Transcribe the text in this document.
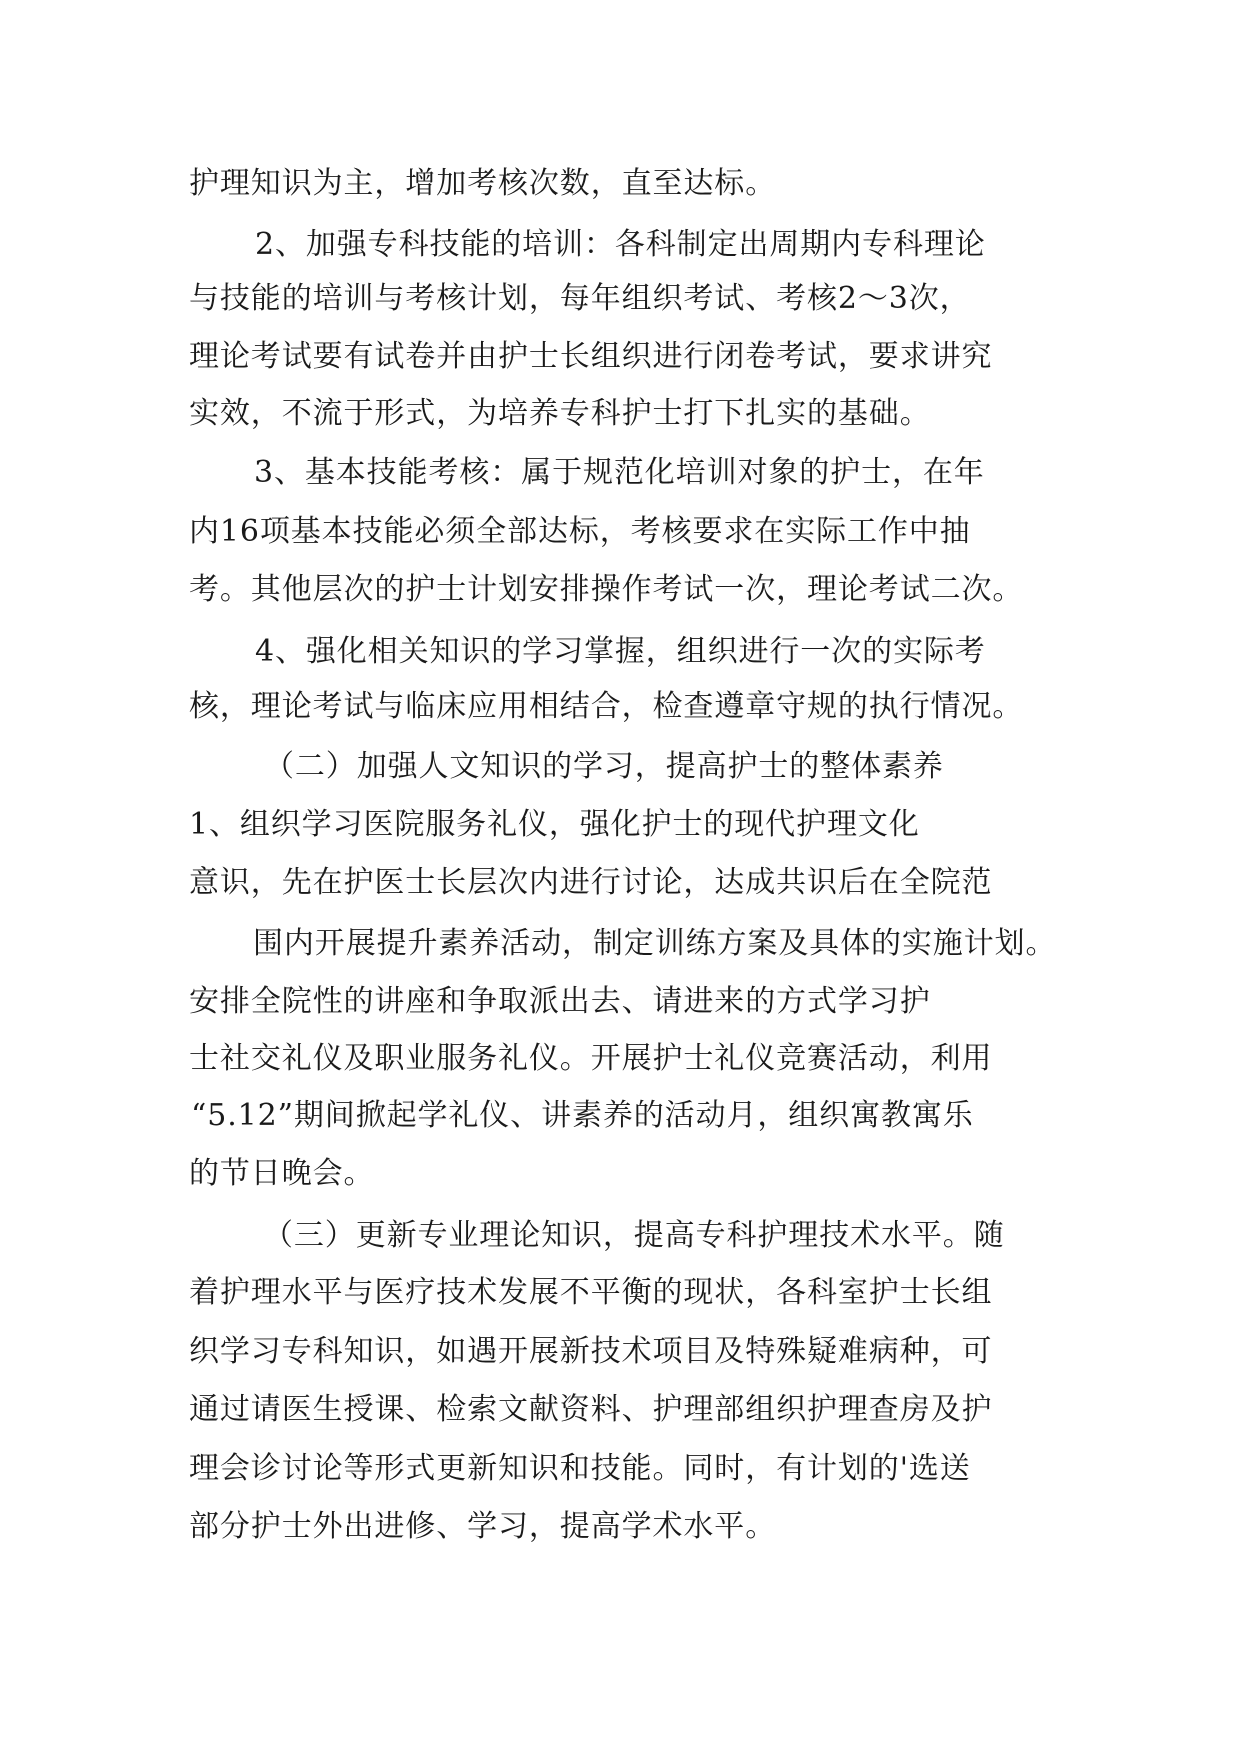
护理知识为主，增加考核次数，直至达标。
2、加强专科技能的培训：各科制定出周期内专科理论
与技能的培训与考核计划，每年组织考试、考核2～3次，
理论考试要有试卷并由护士长组织进行闭卷考试，要求讲究
实效，不流于形式，为培养专科护士打下扎实的基础。
3、基本技能考核：属于规范化培训对象的护士，在年
内16项基本技能必须全部达标，考核要求在实际工作中抽
考。其他层次的护士计划安排操作考试一次，理论考试二次。
4、强化相关知识的学习掌握，组织进行一次的实际考
核，理论考试与临床应用相结合，检查遵章守规的执行情况。
（二）加强人文知识的学习，提高护士的整体素养
1、组织学习医院服务礼仪，强化护士的现代护理文化
意识，先在护医士长层次内进行讨论，达成共识后在全院范
围内开展提升素养活动，制定训练方案及具体的实施计划。
安排全院性的讲座和争取派出去、请进来的方式学习护
士社交礼仪及职业服务礼仪。开展护士礼仪竞赛活动，利用
“5.12”期间掀起学礼仪、讲素养的活动月，组织寓教寓乐
的节日晚会。
（三）更新专业理论知识，提高专科护理技术水平。随
着护理水平与医疗技术发展不平衡的现状，各科室护士长组
织学习专科知识，如遇开展新技术项目及特殊疑难病种，可
通过请医生授课、检索文献资料、护理部组织护理查房及护
理会诊讨论等形式更新知识和技能。同时，有计划的'选送
部分护士外出进修、学习，提高学术水平。
